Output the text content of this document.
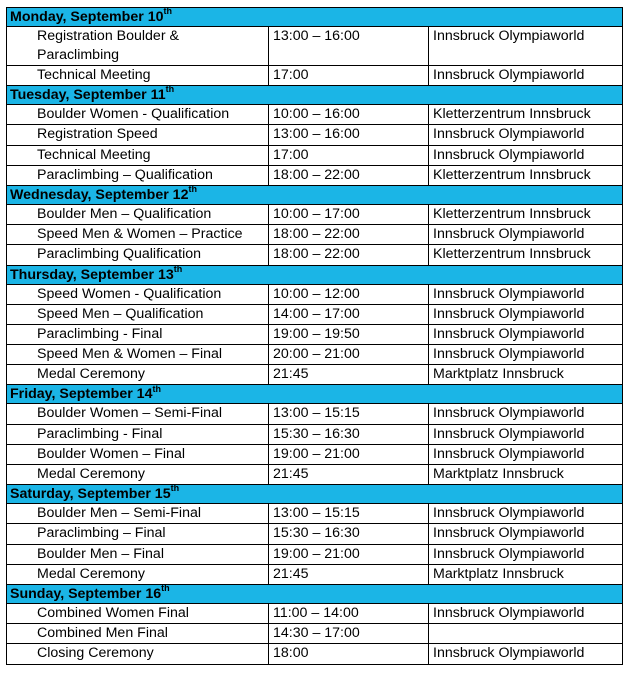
Monday, September 10th
Registration Boulder & Paraclimbing	13:00 – 16:00	Innsbruck Olympiaworld
Technical Meeting	17:00	Innsbruck Olympiaworld
Tuesday, September 11th
Boulder Women - Qualification	10:00 – 16:00	Kletterzentrum Innsbruck
Registration Speed	13:00 – 16:00	Innsbruck Olympiaworld
Technical Meeting	17:00	Innsbruck Olympiaworld
Paraclimbing – Qualification	18:00 – 22:00	Kletterzentrum Innsbruck
Wednesday, September 12th
Boulder Men – Qualification	10:00 – 17:00	Kletterzentrum Innsbruck
Speed Men & Women – Practice	18:00 – 22:00	Innsbruck Olympiaworld
Paraclimbing Qualification	18:00 – 22:00	Kletterzentrum Innsbruck
Thursday, September 13th
Speed Women - Qualification	10:00 – 12:00	Innsbruck Olympiaworld
Speed Men – Qualification	14:00 – 17:00	Innsbruck Olympiaworld
Paraclimbing - Final	19:00 – 19:50	Innsbruck Olympiaworld
Speed Men & Women – Final	20:00 – 21:00	Innsbruck Olympiaworld
Medal Ceremony	21:45	Marktplatz Innsbruck
Friday, September 14th
Boulder Women – Semi-Final	13:00 – 15:15	Innsbruck Olympiaworld
Paraclimbing - Final	15:30 – 16:30	Innsbruck Olympiaworld
Boulder Women – Final	19:00 – 21:00	Innsbruck Olympiaworld
Medal Ceremony	21:45	Marktplatz Innsbruck
Saturday, September 15th
Boulder Men – Semi-Final	13:00 – 15:15	Innsbruck Olympiaworld
Paraclimbing – Final	15:30 – 16:30	Innsbruck Olympiaworld
Boulder Men – Final	19:00 – 21:00	Innsbruck Olympiaworld
Medal Ceremony	21:45	Marktplatz Innsbruck
Sunday, September 16th
Combined Women Final	11:00 – 14:00	Innsbruck Olympiaworld
Combined Men Final	14:30 – 17:00	
Closing Ceremony	18:00	Innsbruck Olympiaworld
